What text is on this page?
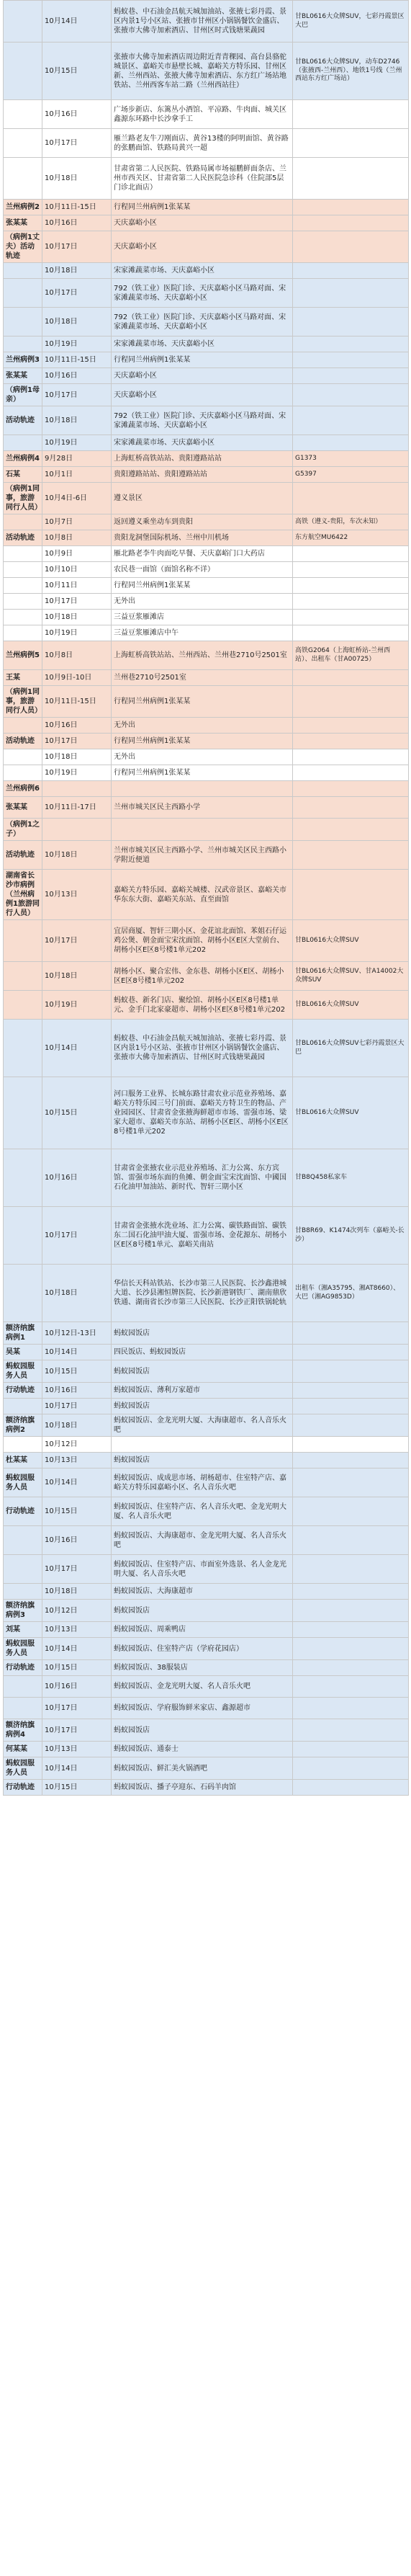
	10月14日	蚂蚁巷、中石油金昌航天城加油站、张掖七彩丹霞、景区内景1号小区站、张掖市甘州区小锅锅餐饮金盛店、张掖市大佛寺加索酒店、甘州区时式钱塘果蔬园	甘BL0616大众牌SUV，七彩丹霞景区大巴
	10月15日	张掖市大佛寺加索酒店周边附近青青稞园、高台县骆驼城景区、嘉峪关市悬壁长城、嘉峪关方特乐园、甘州区新、兰州西站、张掖大佛寺加索酒店、东方红广场站地铁站、兰州西客车站二路（兰州西站往）	甘BL0616大众牌SUV，动车D2746（张掖西-兰州西）、地铁1号线（兰州西站东方红广场站）
	10月16日	广场步新店、东篱丛小酒馆、平凉路、牛肉面、城关区鑫源东环路中长沙拿手工	
	10月17日	雁兰路老友牛刀刚面店、黄谷13楼的阿明面馆、黄谷路的张鹏面馆、铁路局黄兴一超	
	10月18日	甘肃省第二人民医院、铁路局属市场福鹏鲜面条店、兰州市西关区、甘肃省第二人民医院急诊科（住院部5层门诊北面店）	
兰州病例2	10月11日-15日	行程同兰州病例1张某某	
张某某	10月16日	天庆嘉峪小区	
（病例1丈夫）活动轨迹	10月17日	天庆嘉峪小区	
	10月18日	宋家滩蔬菜市场、天庆嘉峪小区	
	10月17日	792（铁工业）医院门诊、天庆嘉峪小区马路对面、宋家滩蔬菜市场、天庆嘉峪小区	
	10月18日	792（铁工业）医院门诊、天庆嘉峪小区马路对面、宋家滩蔬菜市场、天庆嘉峪小区	
	10月19日	宋家滩蔬菜市场、天庆嘉峪小区	
兰州病例3	10月11日-15日	行程同兰州病例1张某某	
张某某	10月16日	天庆嘉峪小区	
（病例1母亲）	10月17日	天庆嘉峪小区	
活动轨迹	10月18日	792（铁工业）医院门诊、天庆嘉峪小区马路对面、宋家滩蔬菜市场、天庆嘉峪小区	
	10月19日	宋家滩蔬菜市场、天庆嘉峪小区	
兰州病例4	9月28日	上海虹桥高铁站站、贵阳遵路站站	G1373
石某	10月1日	贵阳遵路站站、贵阳遵路站站	G5397
（病例1同事，旅游同行人员）	10月4日-6日	遵义景区	
	10月7日	返回遵义乘坐动车到贵阳	高铁（遵义-贵阳，车次未知）
活动轨迹	10月8日	贵阳龙洞堡国际机场、兰州中川机场	东方航空MU6422
	10月9日	雁北路老李牛肉面吃早餐、天庆嘉峪门口大药店	
	10月10日	农民巷一面馆（面馆名称不详）	
	10月11日	行程同兰州病例1张某某	
	10月17日	无外出	
	10月18日	三益豆浆雁滩店	
	10月19日	三益豆浆雁滩店中午	
兰州病例5	10月8日	上海虹桥高铁站站、兰州西站、兰州巷2710号2501室	高铁G2064（上海虹桥站-兰州西站）、出租车（甘A00725）
王某	10月9日-10日	兰州巷2710号2501室	
（病例1同事，旅游同行人员）	10月11日-15日	行程同兰州病例1张某某	
	10月16日	无外出	
活动轨迹	10月17日	行程同兰州病例1张某某	
	10月18日	无外出	
	10月19日	行程同兰州病例1张某某	
兰州病例6			
张某某	10月11日-17日	兰州市城关区民主西路小学	
（病例1之子）			
活动轨迹	10月18日	兰州市城关区民主西路小学、兰州市城关区民主西路小学附近便道	
湖南省长沙市病例（兰州病例1旅游同行人员）	10月13日	嘉峪关方特乐园、嘉峪关城楼、汉武帝景区、嘉峪关市华东东大街、嘉峪关东站、直至面馆	
	10月17日	宜居商厦、智轩三期小区、金花谊北面馆、苯姐石仔运鸡公煲、朝金面宝宋沈面馆、胡杨小区E区大堂前台、胡杨小区E区8号楼1单元202	甘BL0616大众牌SUV
	10月18日	胡杨小区、聚合宏伟、金东巷、胡杨小区E区、胡杨小区E区8号楼1单元202	甘BL0616大众牌SUV、甘A14002大众牌SUV
	10月19日	蚂蚁巷、新名门店、聚绘馆、胡杨小区E区8号楼1单元、金手门北家豪超市、胡杨小区E区8号楼1单元202	甘BL0616大众牌SUV
	10月14日	蚂蚁巷、中石油金昌航天城加油站、张掖七彩丹霞、景区内景1号小区站、张掖市甘州区小锅锅餐饮金盛店、张掖市大佛寺加索酒店、甘州区时式钱塘果蔬园	甘BL0616大众牌SUV七彩丹霞景区大巴
	10月15日	河口服务工业界、长城东路甘肃农业示范业养殖场、嘉峪关方特乐园三号门前面、嘉峪关方特卫生的物品、产业园园区、甘肃省金张掖海鲜超市市场、雷强市场、梁家大超市、嘉峪关市东站、胡杨小区E区、胡杨小区E区8号楼1单元202	甘BL0616大众牌SUV
	10月16日	甘肃省金张掖农业示范业养殖场、汇力公寓、东方宾馆、雷强市场东面的鱼摊、朝金面宝宋沈面馆、中國国石化油甲加油站、新时代、智轩三期小区	甘B8Q458私家车
	10月17日	甘肃省金张掖水洗业场、汇力公寓、碳铁路面馆、碳铁东二国石化油甲油大厦、雷强市场、金花源东、胡杨小区E区8号楼1单元、嘉峪关南站	甘B8R69、K1474次列车（嘉峪关-长沙）
	10月18日	华信长天科站铁站、长沙市第三人民医院、长沙鑫港城大道、长沙县湘恒牌医院、长沙新港钢铁厂、湖南鼎欣铁通、湖南省长沙市第三人民医院、长沙正阳铁锅轮轨	出租车（湘A35795、湘AT8660）、大巴（湘AG9853D）
额济纳旗病例1	10月12日-13日	蚂蚁园饭店	
吴某	10月14日	四民饭店、蚂蚁园饭店	
蚂蚁园服务人员	10月15日	蚂蚁园饭店	
行动轨迹	10月16日	蚂蚁园饭店、薄利万家超市	
	10月17日	蚂蚁园饭店	
额济纳旗病例2	10月18日	蚂蚁园饭店、金龙光明大厦、大海康超市、名人音乐火吧	
	10月12日		
杜某某	10月13日	蚂蚁园饭店	
蚂蚁园服务人员	10月14日	蚂蚁园饭店、成成思市场、胡杨超市、住室特产店、嘉峪关方特乐园嘉峪小区、名人音乐火吧	
行动轨迹	10月15日	蚂蚁园饭店、住室特产店、名人音乐火吧、金龙光明大厦、名人音乐火吧	
	10月16日	蚂蚁园饭店、大海康超市、金龙光明大厦、名人音乐火吧	
	10月17日	蚂蚁园饭店、住室特产店、市面室外选景、名人金龙光明大厦、名人音乐火吧	
	10月18日	蚂蚁园饭店、大海康超市	
额济纳旗病例3	10月12日	蚂蚁园饭店	
刘某	10月13日	蚂蚁园饭店、周乘鸭店	
蚂蚁园服务人员	10月14日	蚂蚁园饭店、住室特产店（学府花园店）	
行动轨迹	10月15日	蚂蚁园饭店、38服装店	
	10月16日	蚂蚁园饭店、金龙光明大厦、名人音乐火吧	
	10月17日	蚂蚁园饭店、学府服饰鲜米家店、鑫源超市	
额济纳旗病例4	10月17日	蚂蚁园饭店	
何某某	10月13日	蚂蚁园饭店、通泰士	
蚂蚁园服务人员	10月14日	蚂蚁园饭店、鲜汇美火锅酒吧	
行动轨迹	10月15日	蚂蚁园饭店、播子亭迎东、石码羊肉馆	
